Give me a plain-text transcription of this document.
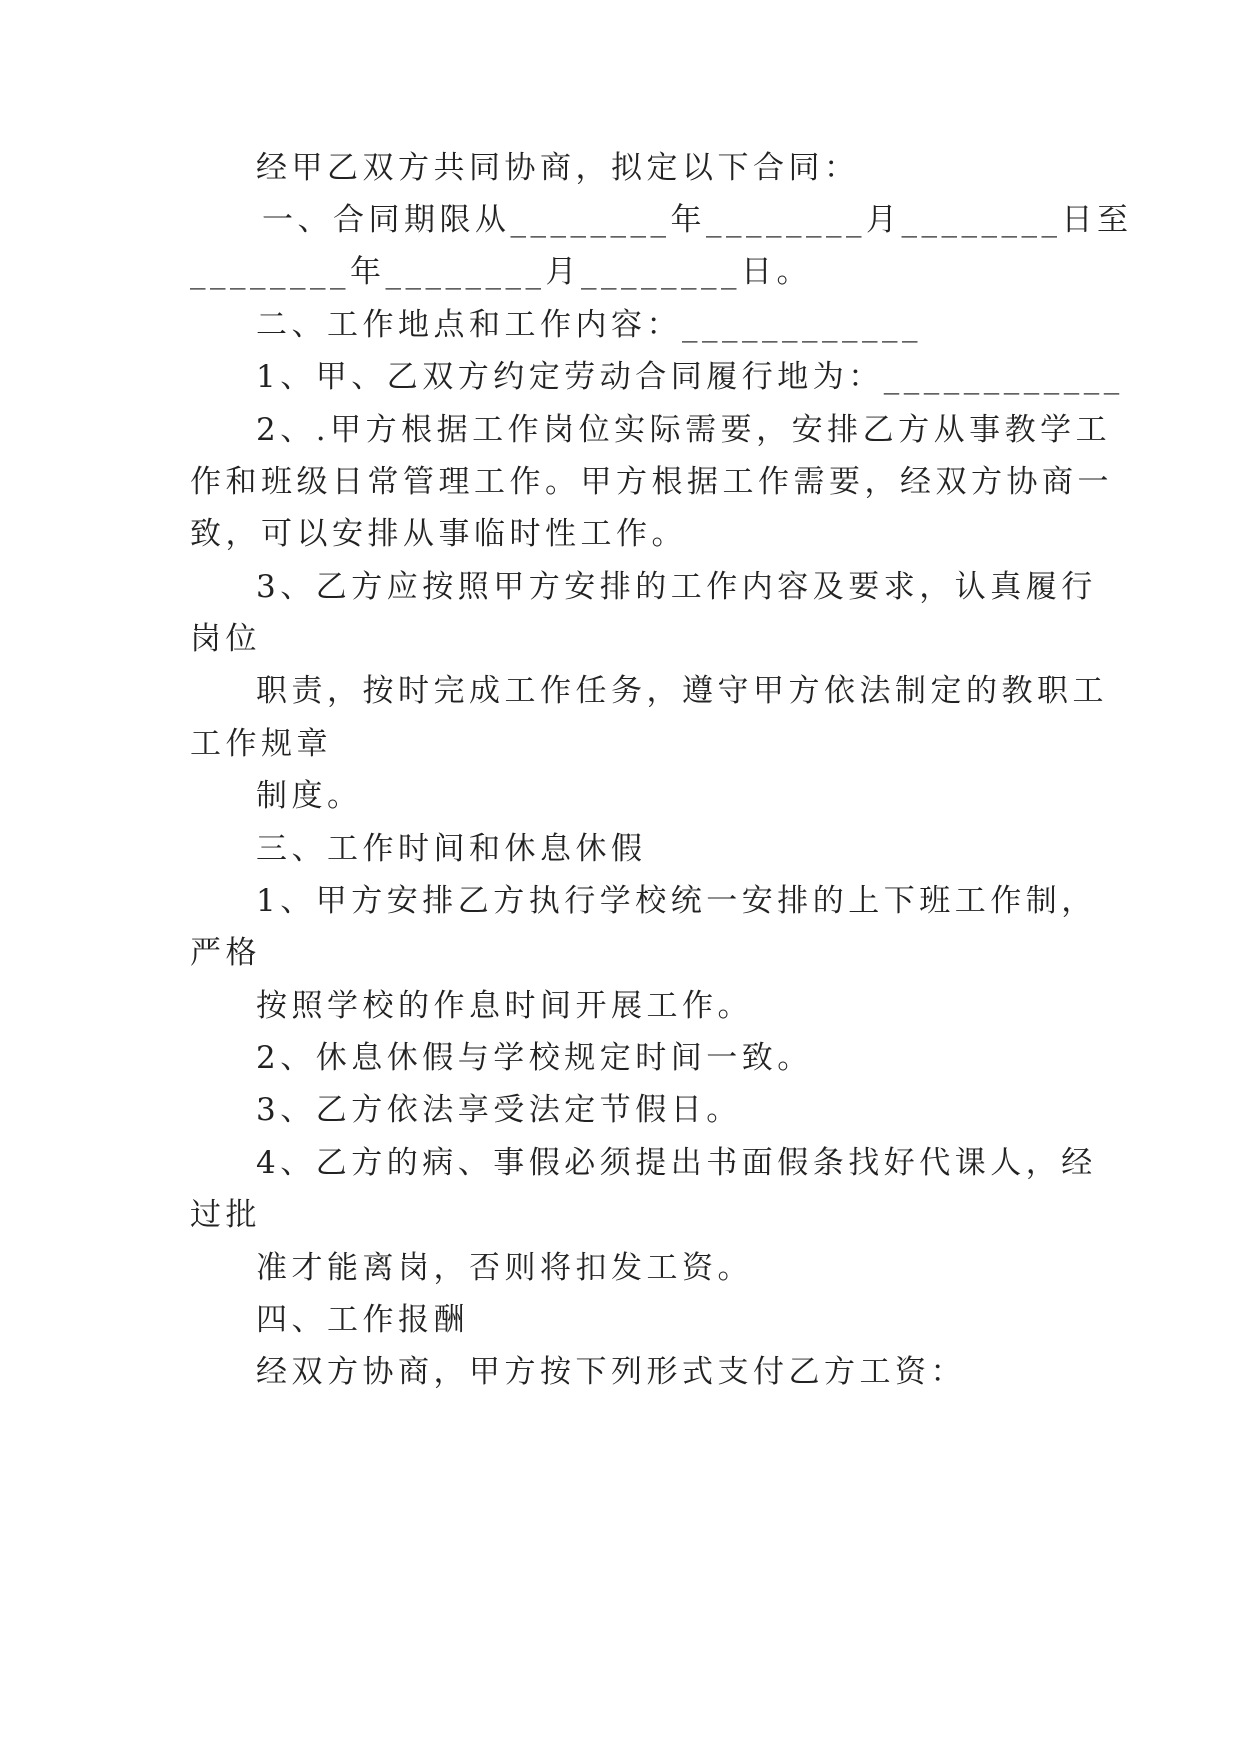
经甲乙双方共同协商，拟定以下合同：

一、合同期限从________年________月________日至

________年________月________日。

二、工作地点和工作内容：____________

1、甲、乙双方约定劳动合同履行地为：____________

2、.甲方根据工作岗位实际需要，安排乙方从事教学工

作和班级日常管理工作。甲方根据工作需要，经双方协商一

致，可以安排从事临时性工作。

3、乙方应按照甲方安排的工作内容及要求，认真履行

岗位

职责，按时完成工作任务，遵守甲方依法制定的教职工

工作规章

制度。

三、工作时间和休息休假

1、甲方安排乙方执行学校统一安排的上下班工作制，

严格

按照学校的作息时间开展工作。

2、休息休假与学校规定时间一致。

3、乙方依法享受法定节假日。

4、乙方的病、事假必须提出书面假条找好代课人，经

过批

准才能离岗，否则将扣发工资。

四、工作报酬

经双方协商，甲方按下列形式支付乙方工资：
